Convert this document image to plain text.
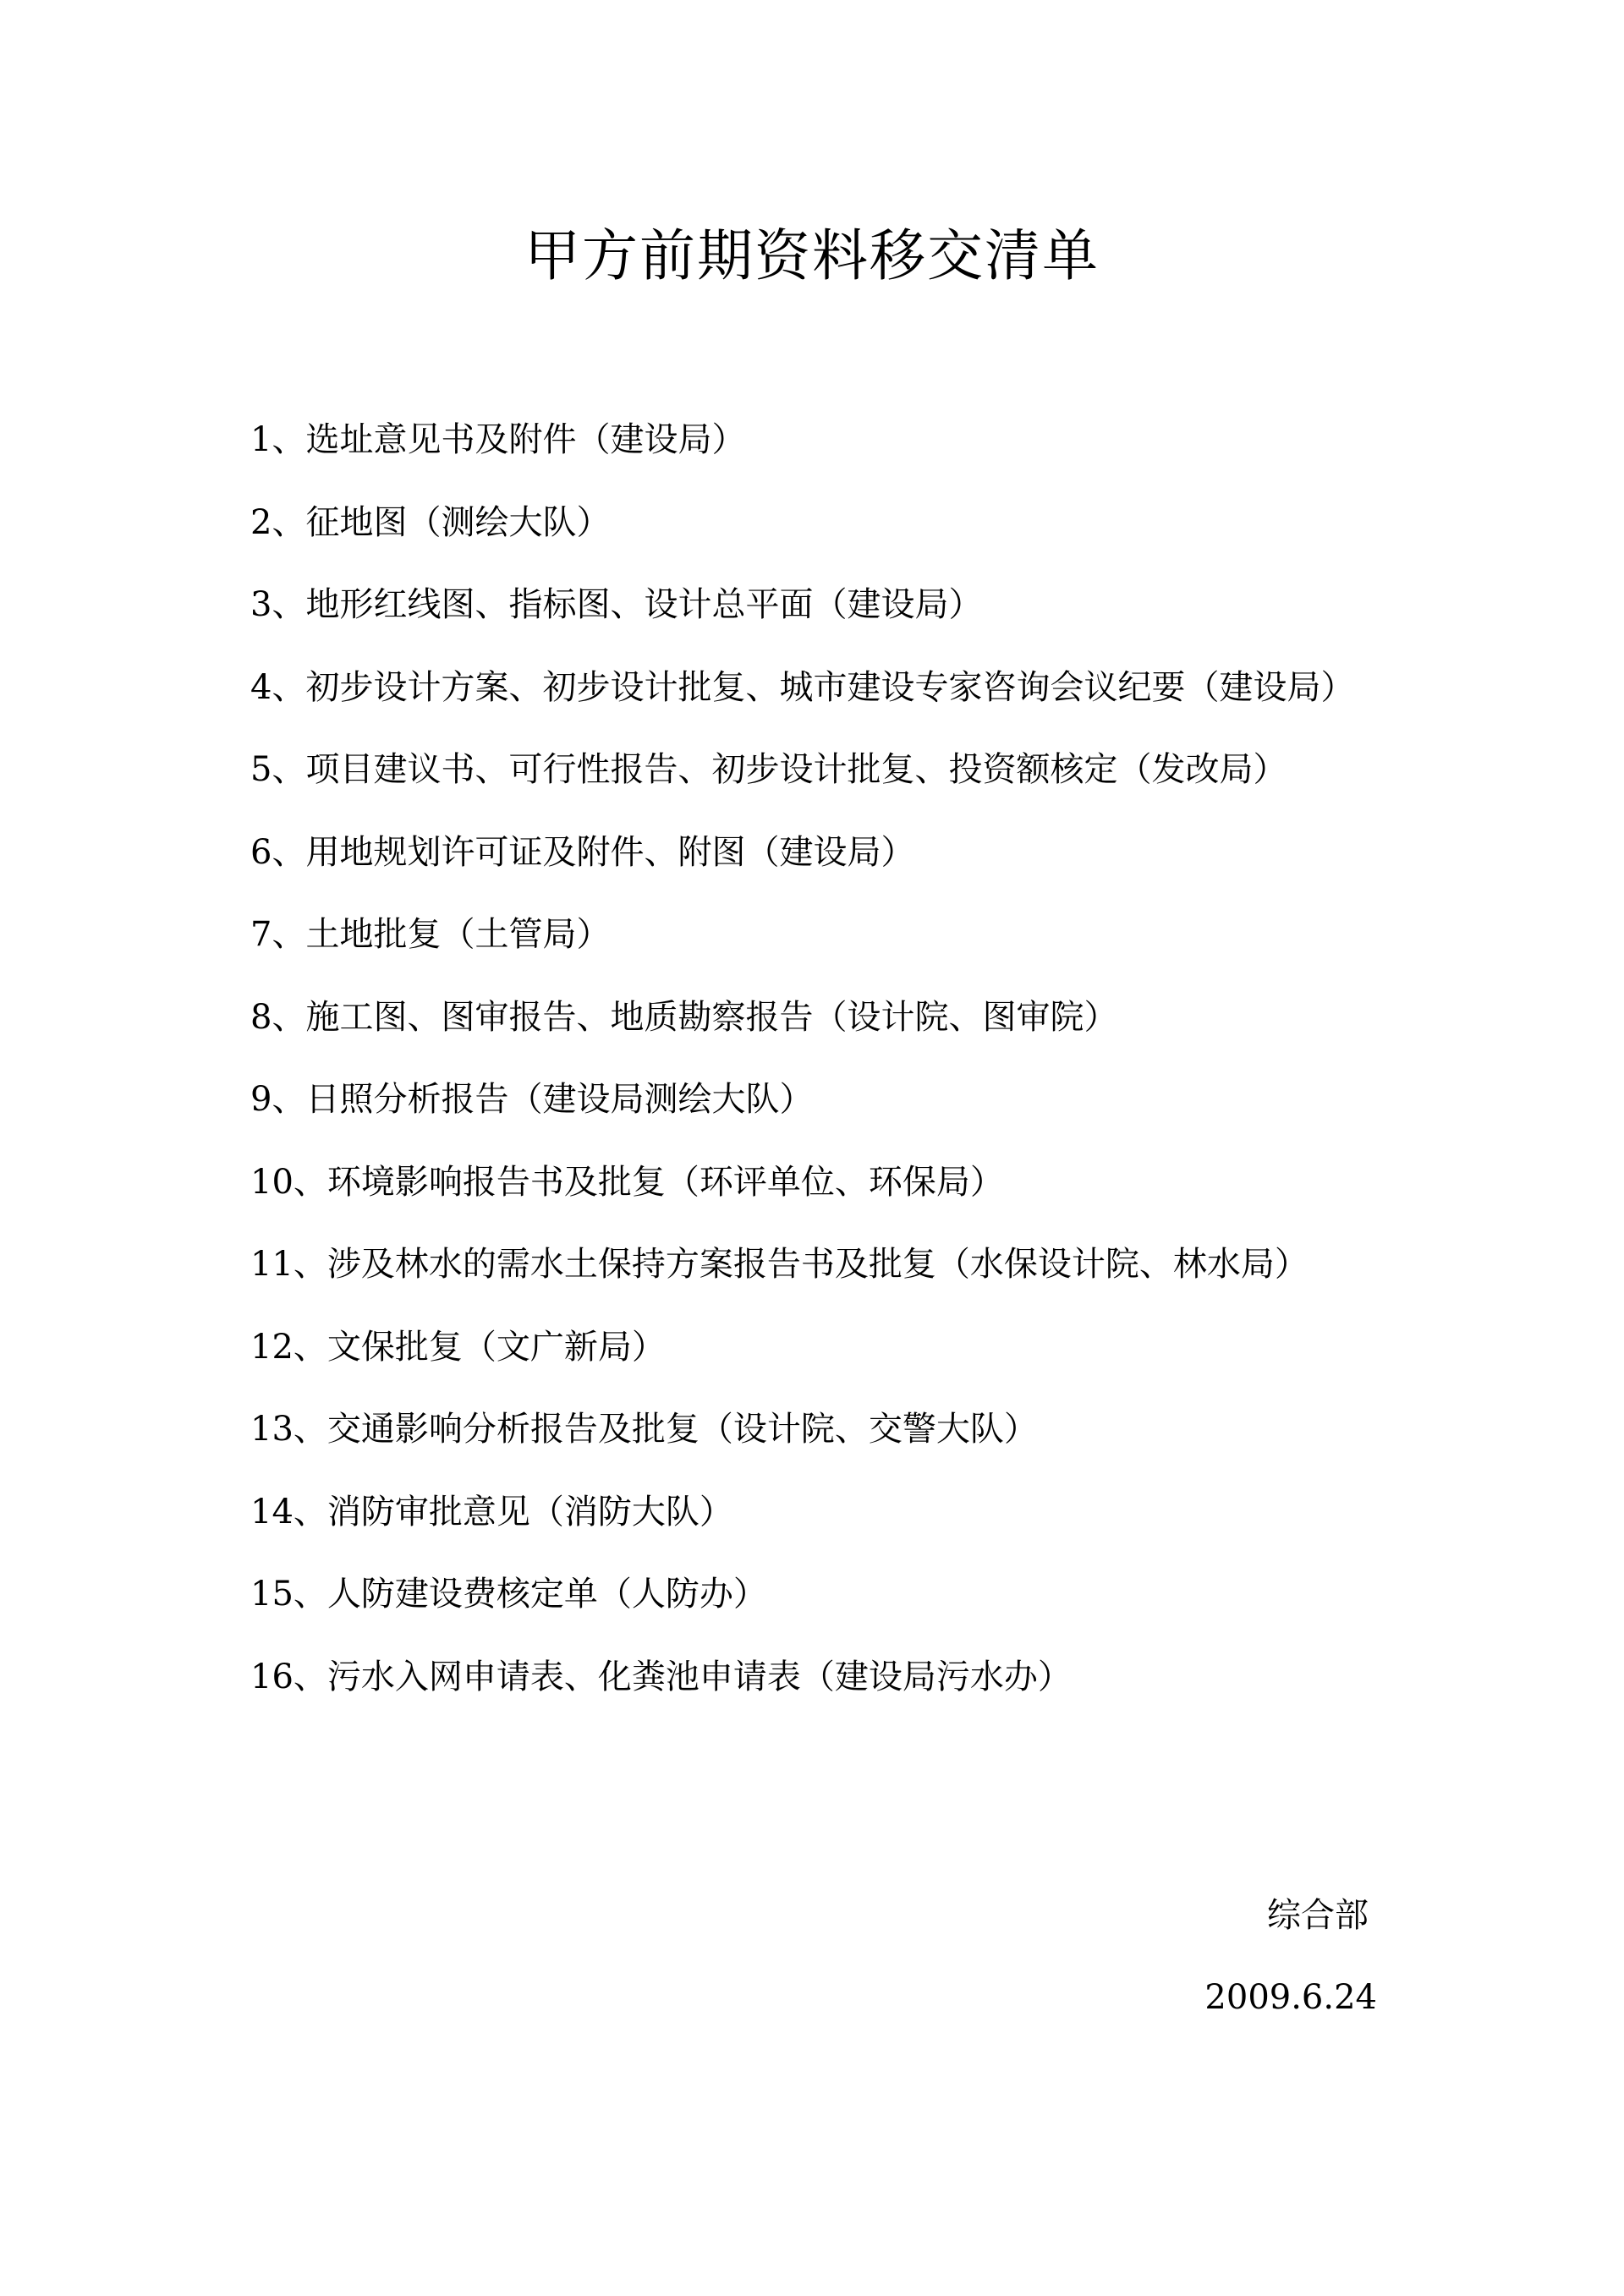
甲方前期资料移交清单
1、选址意见书及附件（建设局）
2、征地图（测绘大队）
3、地形红线图、指标图、设计总平面（建设局）
4、初步设计方案、初步设计批复、城市建设专家咨询会议纪要（建设局）
5、项目建议书、可行性报告、初步设计批复、投资额核定（发改局）
6、用地规划许可证及附件、附图（建设局）
7、土地批复（土管局）
8、施工图、图审报告、地质勘察报告（设计院、图审院）
9、日照分析报告（建设局测绘大队）
10、环境影响报告书及批复（环评单位、环保局）
11、涉及林水的需水土保持方案报告书及批复（水保设计院、林水局）
12、文保批复（文广新局）
13、交通影响分析报告及批复（设计院、交警大队）
14、消防审批意见（消防大队）
15、人防建设费核定单（人防办）
16、污水入网申请表、化粪池申请表（建设局污水办）
综合部
2009.6.24
